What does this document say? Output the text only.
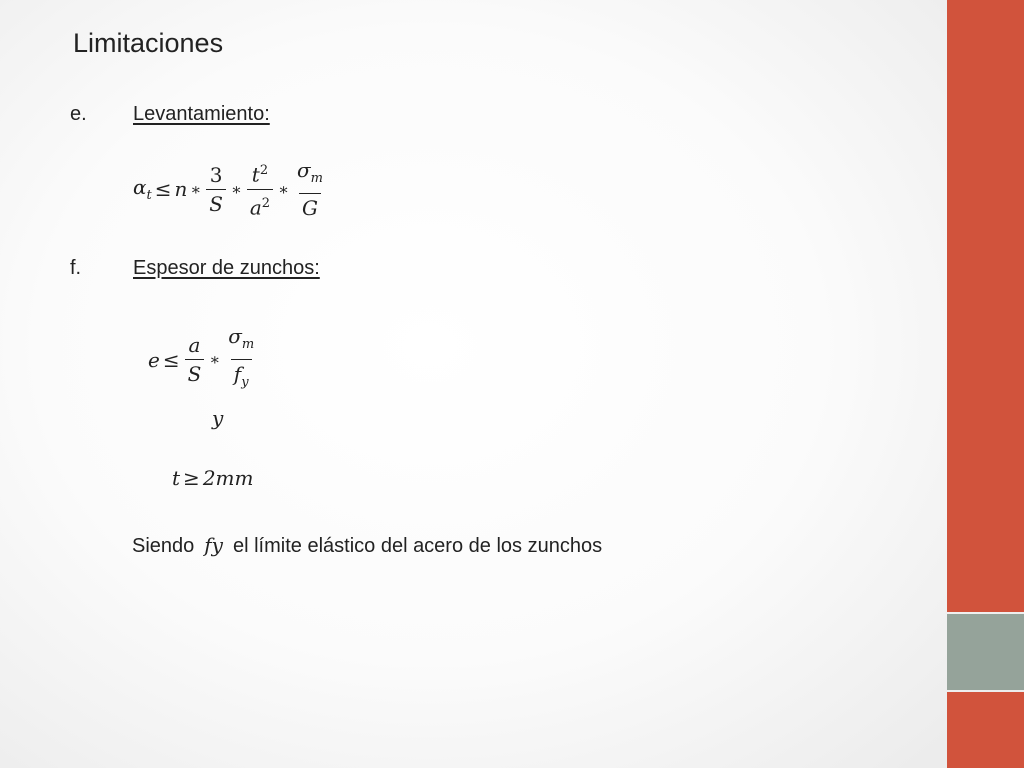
Limitaciones
e. Levantamiento:
$\alpha_t \le n$ ∗ $\frac{3}{S}$ ∗ $\frac{t^2}{a^2}$ ∗ $\frac{\sigma_m}{G}$
f.	Espesor de zunchos:
$e \le \frac{a}{S}$ ∗ $\frac{\sigma_m}{f_y}$
y
t ≥ 2mm
Siendo fy el límite elástico del acero de los zunchos
